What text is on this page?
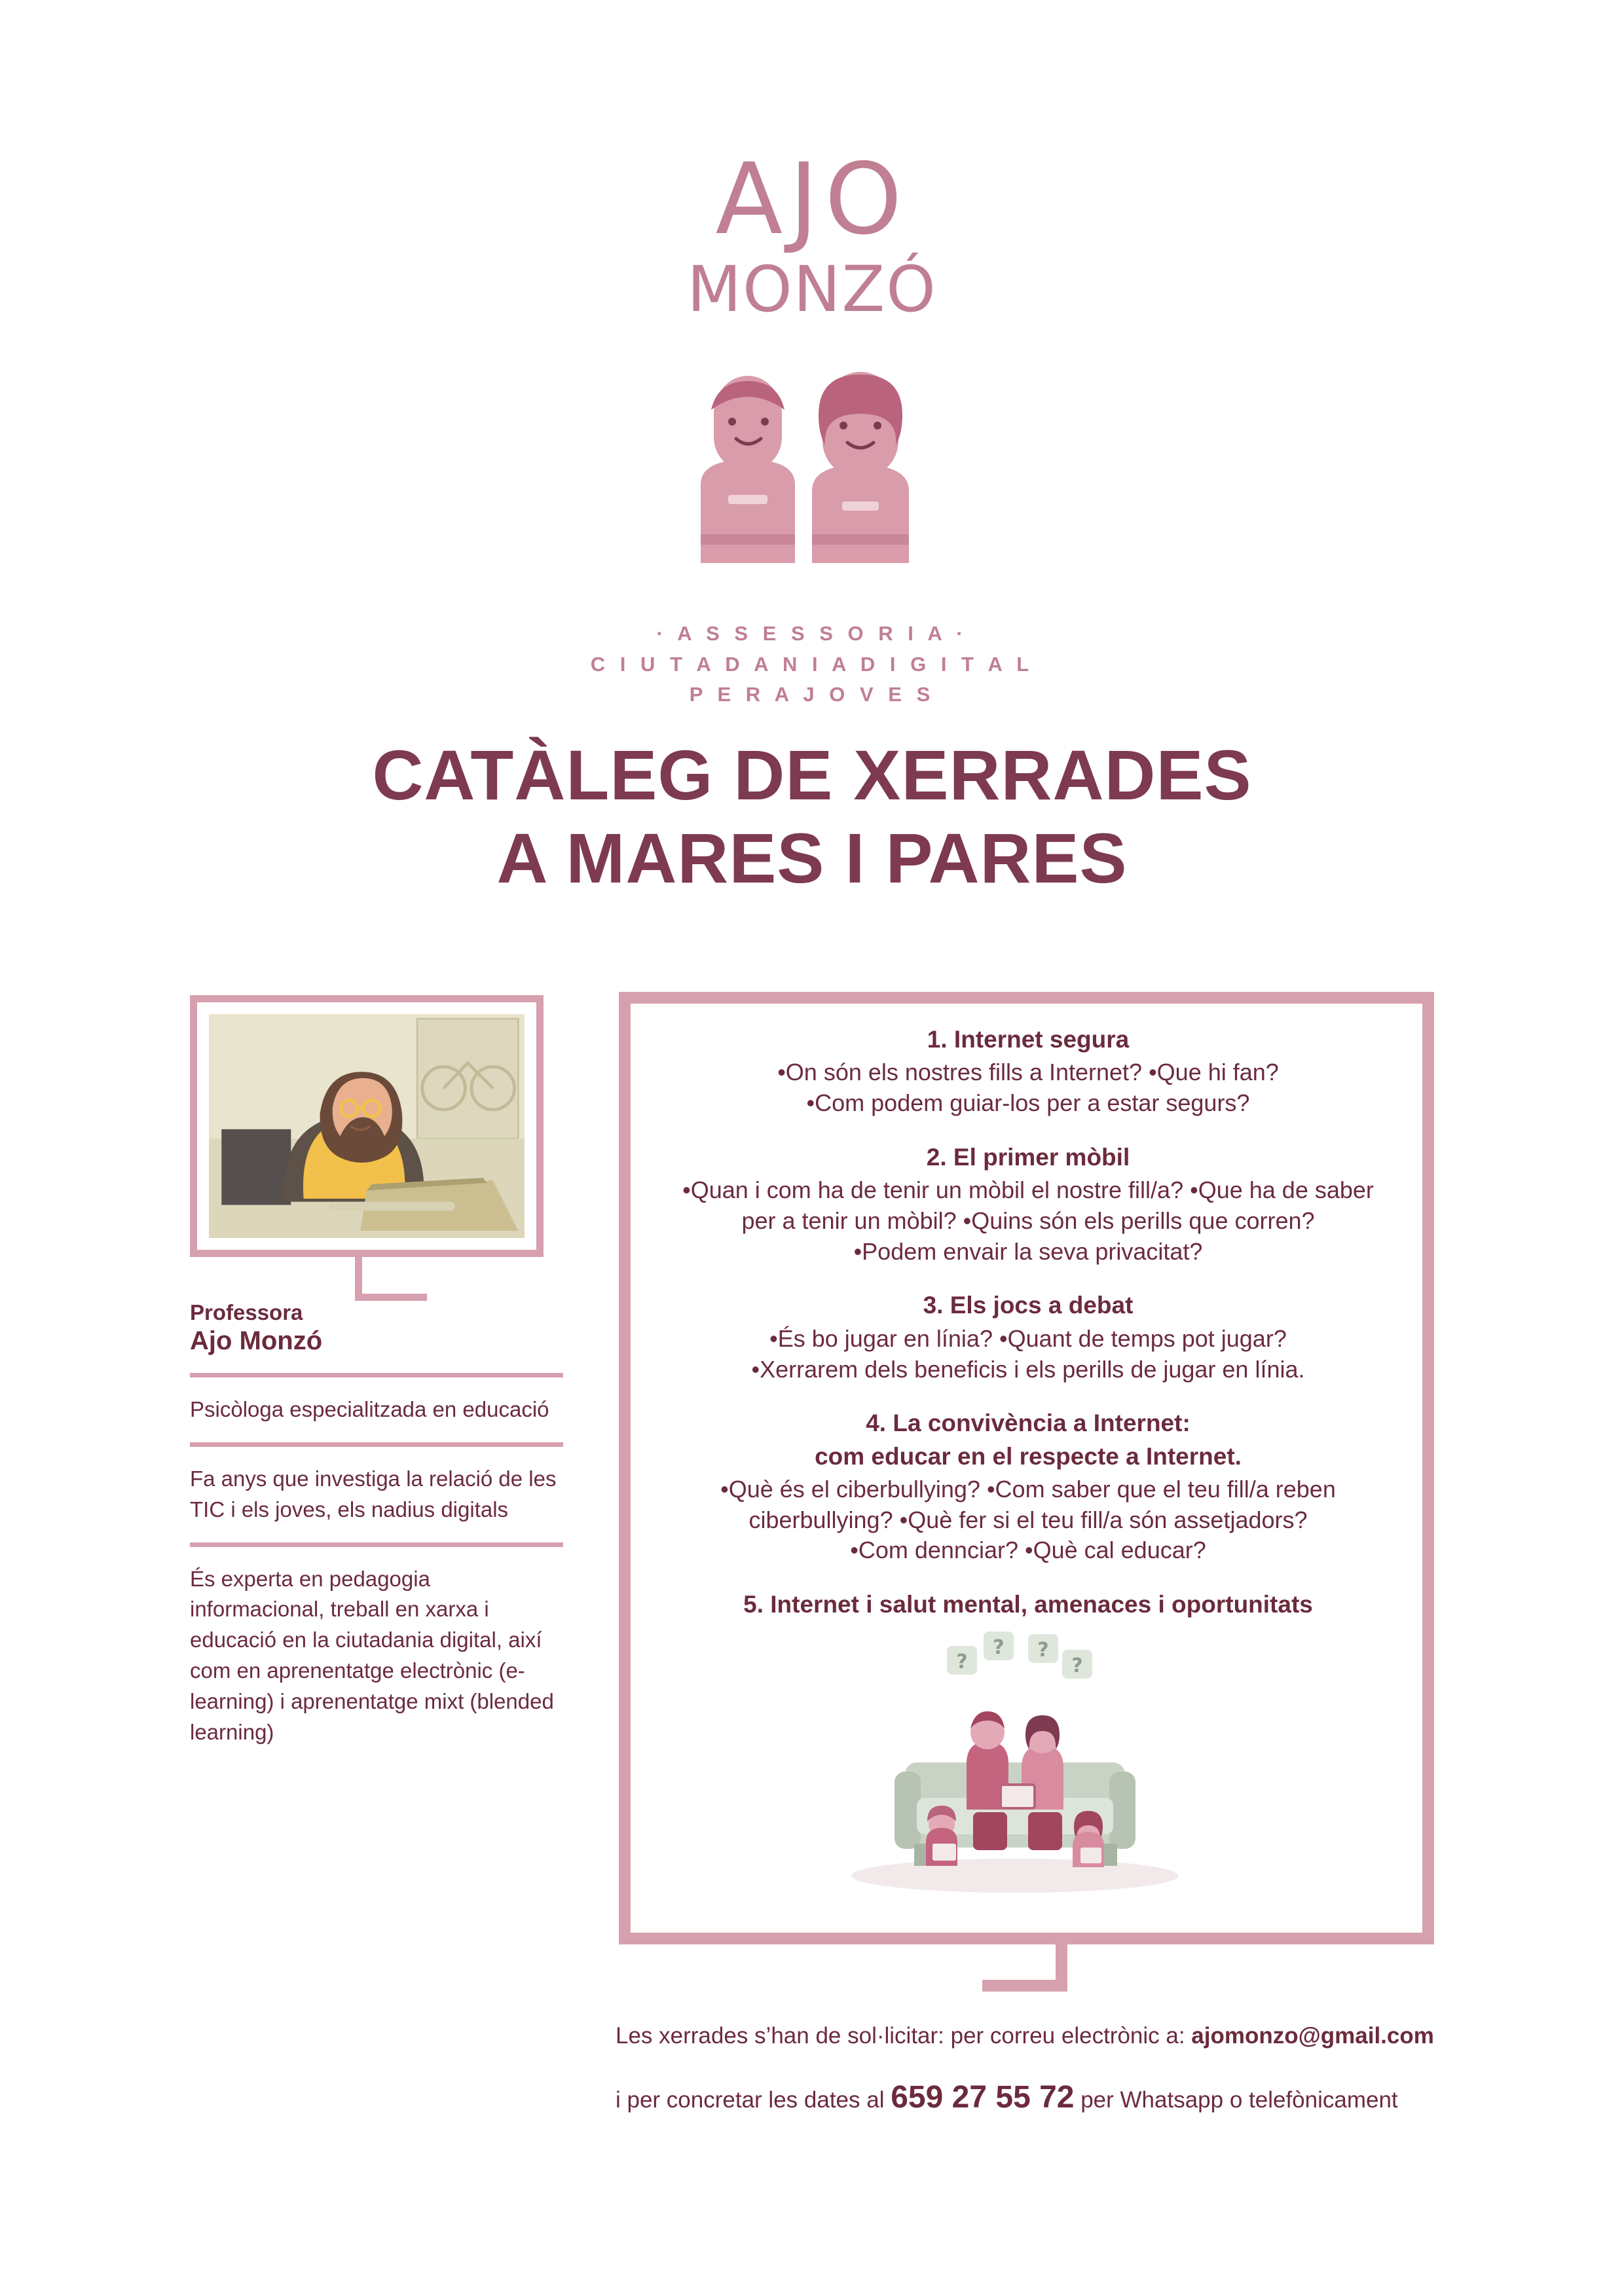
AJO
MONZÓ
· A S S E S S O R I A ·
C I U T A D A N I A D I G I T A L
P E R A J O V E S
CATÀLEG DE XERRADES
A MARES I PARES
Professora
Ajo Monzó

Psicòloga especialitzada en educació

Fa anys que investiga la relació de les TIC i els joves, els nadius digitals

És experta en pedagogia informacional, treball en xarxa i educació en la ciutadania digital, així com en aprenentatge electrònic (e-learning) i aprenentatge mixt (blended learning)

1. Internet segura
•On són els nostres fills a Internet? •Que hi fan?
•Com podem guiar-los per a estar segurs?
2. El primer mòbil
•Quan i com ha de tenir un mòbil el nostre fill/a? •Que ha de saber
per a tenir un mòbil? •Quins són els perills que corren?
•Podem envair la seva privacitat?
3. Els jocs a debat
•És bo jugar en línia? •Quant de temps pot jugar?
•Xerrarem dels beneficis i els perills de jugar en línia.
4. La convivència a Internet:
com educar en el respecte a Internet.
•Què és el ciberbullying? •Com saber que el teu fill/a reben
ciberbullying? •Què fer si el teu fill/a són assetjadors?
•Com dennciar? •Què cal educar?
5. Internet i salut mental, amenaces i oportunitats
?
? ?
?
Les xerrades s’han de sol·licitar: per correu electrònic a: ajomonzo@gmail.com
i per concretar les dates al 659 27 55 72 per Whatsapp o telefònicament
